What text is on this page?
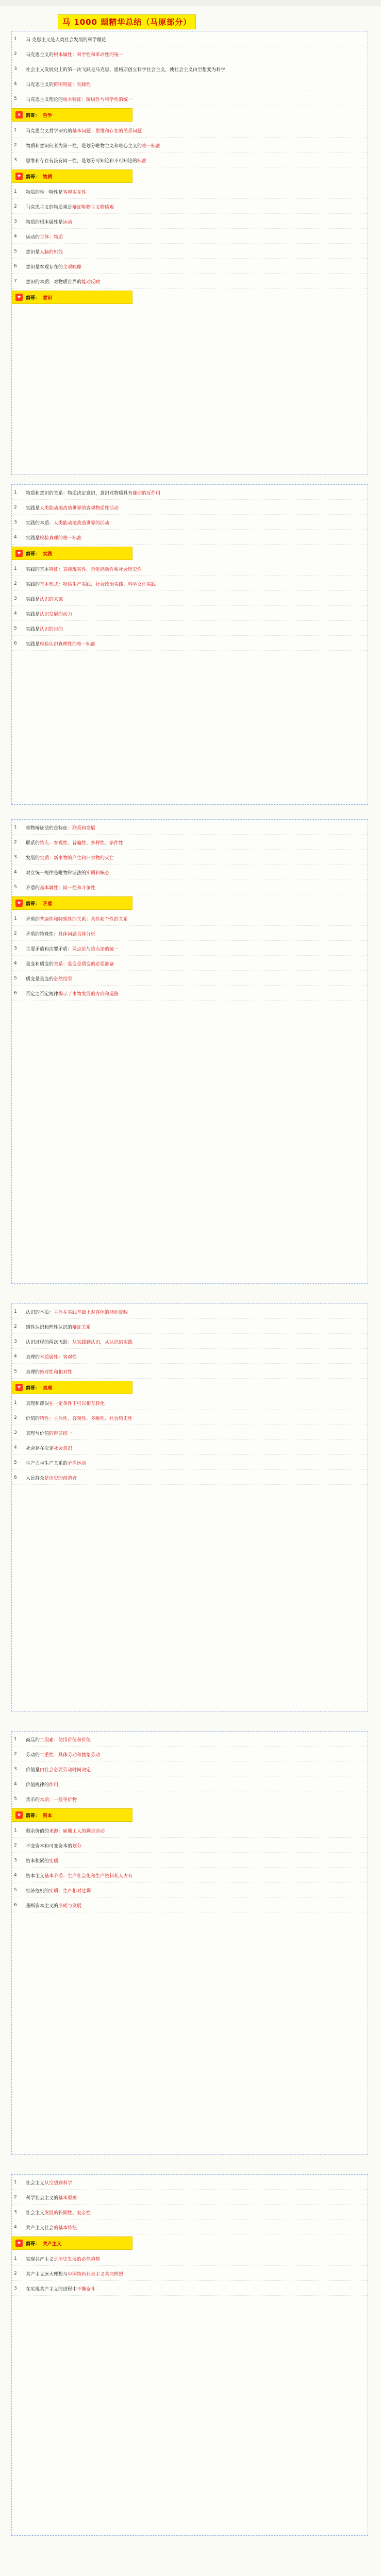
马 1000 题精华总结（马原部分）
1	马 克思主义是人类社会发展的科学理论
2	马克思主义的 根本属性：科学性和革命性的统一
3	社会主义发展史上的第一次飞跃是马克思、恩格斯创立科学社会主义，使社会主义由空想变为科学
4	马克思主义的 鲜明特征：实践性
5	马克思主义理论的 根本特征：阶级性与科学性的统一
★ 鸥哥： 哲学
1	马克思主义哲学研究的 基本问题：思维和存在的关系问题
2	物质和意识何者为第一性，是划分唯物主义和唯心主义的 唯一标准
3	思维和存在有没有同一性，是划分可知论和不可知论的 标准
★ 鸥哥： 物质
1	物质的唯一特性是 客观实在性
2	马克思主义的物质观是 辩证唯物主义物质观
3	物质的根本属性是 运动
4	运动的 主体：物质
5	意识是 人脑的机能
6	意识是客观存在的 主观映像
7	意识的本质：对物质世界的 能动反映
★ 鸥哥： 意识
1	物质和意识的关系：物质决定意识，意识对物质具有 能动的反作用
2	实践是 人类能动地改造世界的客观物质性活动
3	实践的本质： 人类能动地改造世界的活动
4	实践是 检验真理的唯一标准
★ 鸥哥： 实践
1	实践的基本 特征：直接现实性、自觉能动性和社会历史性
2	实践的 基本形式：物质生产实践、社会政治实践、科学文化实践
3	实践是 认识的来源
4	实践是 认识发展的动力
5	实践是 认识的目的
6	实践是 检验认识真理性的唯一标准
1	唯物辩证法的总特征 ：联系和发展
2	联系的 特点：客观性、普遍性、多样性、条件性
3	发展的 实质：新事物的产生和旧事物的灭亡
4	对立统一规律是唯物辩证法的 实质和核心
5	矛盾的 基本属性：同一性和斗争性
★ 鸥哥： 矛盾
1	矛盾的 普遍性和特殊性的关系：共性和个性的关系
2	矛盾的特殊性： 具体问题具体分析
3	主要矛盾和次要矛盾： 两点论与重点论的统一
4	量变和质变的 关系：量变是质变的必要准备
5	质变是量变的 必然结果
6	否定之否定规律 揭示了事物发展的方向和道路
1	认识的本质： 主体在实践基础上对客体的能动反映
2	感性认识和理性认识的 辩证关系
3	认识过程的两次飞跃 ：从实践到认识，从认识到实践
4	真理的 本质属性：客观性
5	真理的 绝对性和相对性
★ 鸥哥： 真理
1	真理和谬误 在一定条件下可以相互转化
2	价值的 特性：主体性、客观性、多维性、社会历史性
3	真理与价值 的辩证统一
4	社会存在决定 社会意识
5	生产力与生产关系的 矛盾运动
6	人民群众 是历史的创造者
1	商品的 二因素：使用价值和价值
2	劳动的 二重性：具体劳动和抽象劳动
3	价值量 由社会必要劳动时间决定
4	价值规律的 作用
5	货币的 本质：一般等价物
★ 鸥哥： 资本
1	剩余价值的 来源：雇佣工人的剩余劳动
2	不变资本和可变资本的 划分
3	资本积累的 实质
4	资本主义 基本矛盾：生产社会化和生产资料私人占有
5	经济危机的 实质：生产相对过剩
6	垄断资本主义的 形成与发展
1	社会主义 从空想到科学
2	科学社会主义的 基本原则
3	社会主义 发展的长期性、复杂性
4	共产主义社会 的基本特征
★ 鸥哥： 共产主义
1	实现共产主义 是历史发展的必然趋势
2	共产主义远大理想与 中国特色社会主义共同理想
3	在实现共产主义的进程中 不懈奋斗
